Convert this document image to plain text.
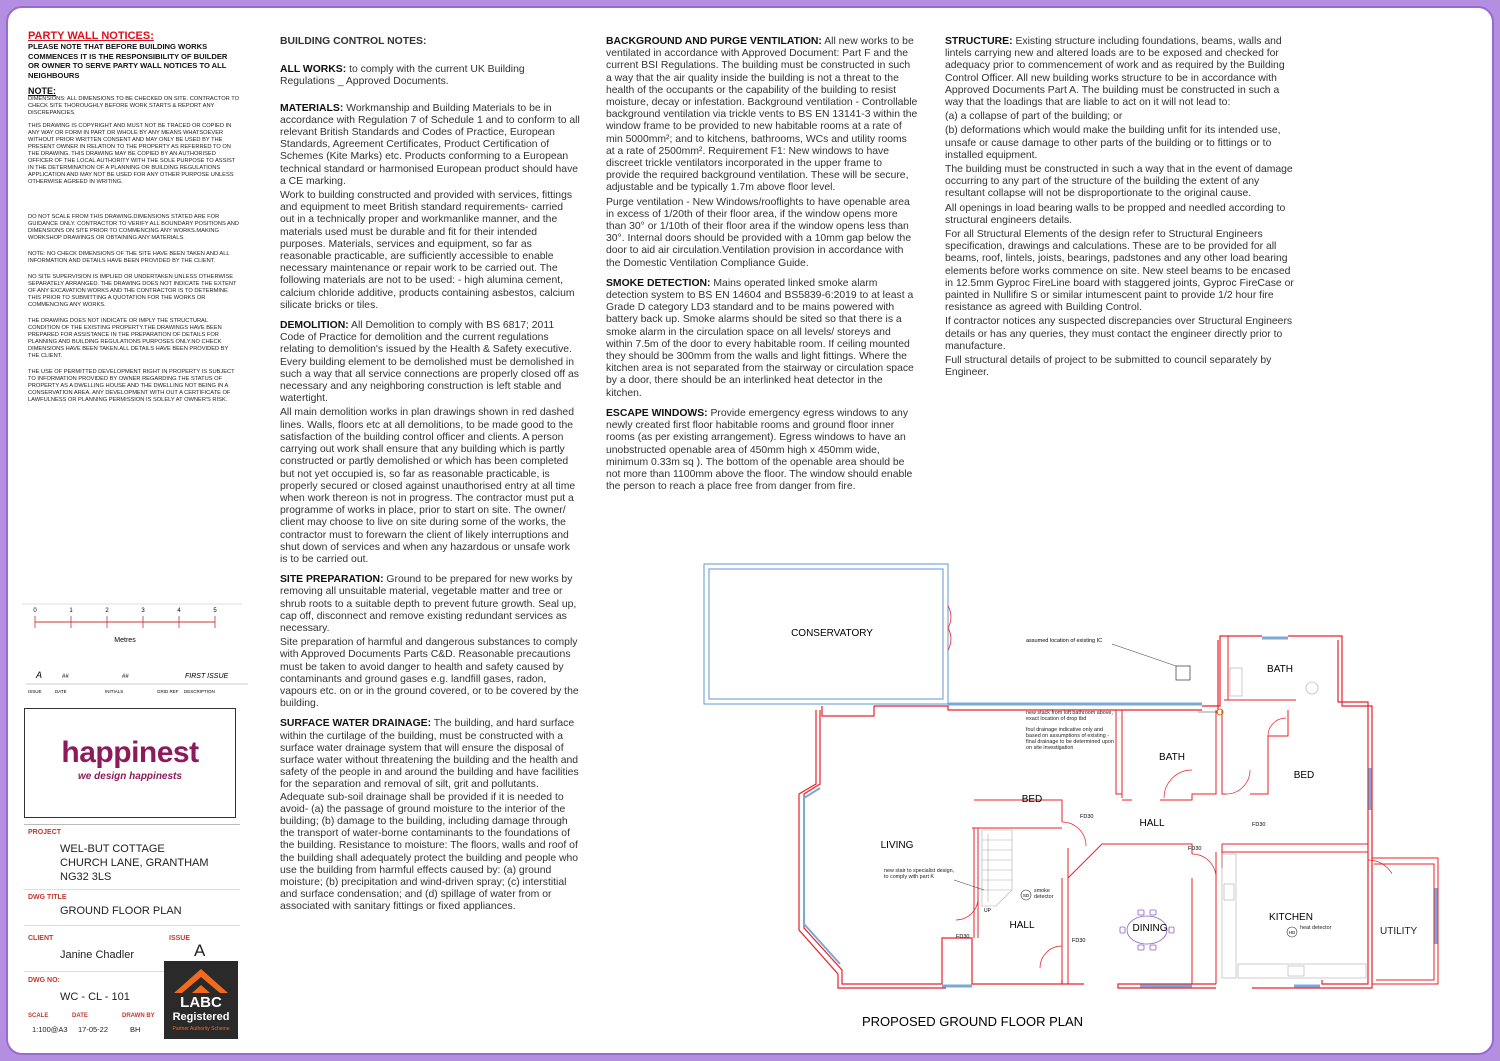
PARTY WALL NOTICES:
PLEASE NOTE THAT BEFORE BUILDING WORKS COMMENCES IT IS THE RESPONSIBILITY OF BUILDER OR OWNER TO SERVE PARTY WALL NOTICES TO ALL NEIGHBOURS
NOTE:

DIMENSIONS: ALL DIMENSIONS TO BE CHECKED ON SITE. CONTRACTOR TO CHECK SITE THOROUGHLY BEFORE WORK STARTS & REPORT ANY DISCREPANCIES.

THIS DRAWING IS COPYRIGHT AND MUST NOT BE TRACED OR COPIED IN ANY WAY OR FORM IN PART OR WHOLE BY ANY MEANS WHATSOEVER WITHOUT PRIOR WRITTEN CONSENT AND MAY ONLY BE USED BY THE PRESENT OWNER IN RELATION TO THE PROPERTY AS REFERRED TO ON THE DRAWING. THIS DRAWING MAY BE COPIED BY AN AUTHORISED OFFICER OF THE LOCAL AUTHORITY WITH THE SOLE PURPOSE TO ASSIST IN THE DETERMINATION OF A PLANNING OR BUILDING REGULATIONS APPLICATION AND MAY NOT BE USED FOR ANY OTHER PURPOSE UNLESS OTHERWISE AGREED IN WRITING.

DO NOT SCALE FROM THIS DRAWING.DIMENSIONS STATED ARE FOR GUIDANCE ONLY. CONTRACTOR TO VERIFY ALL BOUNDARY POSITIONS AND DIMENSIONS ON SITE PRIOR TO COMMENCING ANY WORKS.MAKING WORKSHOP DRAWINGS OR OBTAINING ANY MATERIALS.

NOTE: NO CHECK DIMENSIONS OF THE SITE HAVE BEEN TAKEN AND ALL INFORMATION AND DETAILS HAVE BEEN PROVIDED BY THE CLIENT.

NO SITE SUPERVISION IS IMPLIED OR UNDERTAKEN UNLESS OTHERWISE SEPARATELY ARRANGED. THE DRAWING DOES NOT INDICATE THE EXTENT OF ANY EXCAVATION WORKS AND THE CONTRACTOR IS TO DETERMINE THIS PRIOR TO SUBMITTING A QUOTATION FOR THE WORKS OR COMMENCING ANY WORKS.

THE DRAWING DOES NOT INDICATE OR IMPLY THE STRUCTURAL CONDITION OF THE EXISTING PROPERTY.THE DRAWINGS HAVE BEEN PREPARED FOR ASSISTANCE IN THE PREPARATION OF DETAILS FOR PLANNING AND BUILDING REGULATIONS PURPOSES ONLY.NO CHECK DIMENSIONS HAVE BEEN TAKEN.ALL DETAILS HAVE BEEN PROVIDED BY THE CLIENT.

THE USE OF PERMITTED DEVELOPMENT RIGHT IN PROPERTY IS SUBJECT TO INFORMATION PROVIDED BY OWNER REGARDING THE STATUS OF PROPERTY AS A DWELLING HOUSE AND THE DWELLING NOT BEING IN A CONSERVATION AREA. ANY DEVELOPMENT WITH OUT A CERTIFICATE OF LAWFULNESS OR PLANNING PERMISSION IS SOLELY AT OWNER'S RISK.

0	1	2	3	4	5
Metres
A	##	##	FIRST ISSUE
ISSUE	DATE	INITIALS	GRID REF DESCRIPTION
happinest
we design happinests
PROJECT
WEL-BUT COTTAGE
CHURCH LANE, GRANTHAM
NG32 3LS
DWG TITLE
GROUND FLOOR PLAN
CLIENT
Janine Chadler
ISSUE
A
DWG NO:
WC - CL - 101
SCALE
1:100@A3
DATE
17-05-22
DRAWN BY
BH
LABC
Registered
Partner Authority Scheme

BUILDING CONTROL NOTES:

ALL WORKS: to comply with the current UK Building Regulations _ Approved Documents.

MATERIALS: Workmanship and Building Materials to be in accordance with Regulation 7 of Schedule 1 and to conform to all relevant British Standards and Codes of Practice, European Standards, Agreement Certificates, Product Certification of Schemes (Kite Marks) etc. Products conforming to a European technical standard or harmonised European product should have a CE marking.

Work to building constructed and provided with services, fittings and equipment to meet British standard requirements- carried out in a technically proper and workmanlike manner, and the materials used must be durable and fit for their intended purposes. Materials, services and equipment, so far as reasonable practicable, are sufficiently accessible to enable necessary maintenance or repair work to be carried out. The following materials are not to be used: - high alumina cement, calcium chloride additive, products containing asbestos, calcium silicate bricks or tiles.

DEMOLITION: All Demolition to comply with BS 6817; 2011 Code of Practice for demolition and the current regulations relating to demolition's issued by the Health & Safety executive. Every building element to be demolished must be demolished in such a way that all service connections are properly closed off as necessary and any neighboring construction is left stable and watertight.

All main demolition works in plan drawings shown in red dashed lines. Walls, floors etc at all demolitions, to be made good to the satisfaction of the building control officer and clients. A person carrying out work shall ensure that any building which is partly constructed or partly demolished or which has been completed but not yet occupied is, so far as reasonable practicable, is properly secured or closed against unauthorised entry at all time when work thereon is not in progress. The contractor must put a programme of works in place, prior to start on site. The owner/ client may choose to live on site during some of the works, the contractor must to forewarn the client of likely interruptions and shut down of services and when any hazardous or unsafe work is to be carried out.

SITE PREPARATION: Ground to be prepared for new works by removing all unsuitable material, vegetable matter and tree or shrub roots to a suitable depth to prevent future growth. Seal up, cap off, disconnect and remove existing redundant services as necessary.

Site preparation of harmful and dangerous substances to comply with Approved Documents Parts C&D. Reasonable precautions must be taken to avoid danger to health and safety caused by contaminants and ground gases e.g. landfill gases, radon, vapours etc. on or in the ground covered, or to be covered by the building.

SURFACE WATER DRAINAGE: The building, and hard surface within the curtilage of the building, must be constructed with a surface water drainage system that will ensure the disposal of surface water without threatening the building and the health and safety of the people in and around the building and have facilities for the separation and removal of silt, grit and pollutants. Adequate sub-soil drainage shall be provided if it is needed to avoid- (a) the passage of ground moisture to the interior of the building; (b) damage to the building, including damage through the transport of water-borne contaminants to the foundations of the building. Resistance to moisture: The floors, walls and roof of the building shall adequately protect the building and people who use the building from harmful effects caused by: (a) ground moisture; (b) precipitation and wind-driven spray; (c) interstitial and surface condensation; and (d) spillage of water from or associated with sanitary fittings or fixed appliances.

BACKGROUND AND PURGE VENTILATION: All new works to be ventilated in accordance with Approved Document: Part F and the current BSI Regulations. The building must be constructed in such a way that the air quality inside the building is not a threat to the health of the occupants or the capability of the building to resist moisture, decay or infestation. Background ventilation - Controllable background ventilation via trickle vents to BS EN 13141-3 within the window frame to be provided to new habitable rooms at a rate of min 5000mm²; and to kitchens, bathrooms, WCs and utility rooms at a rate of 2500mm². Requirement F1: New windows to have discreet trickle ventilators incorporated in the upper frame to provide the required background ventilation. These will be secure, adjustable and be typically 1.7m above floor level.

Purge ventilation - New Windows/rooflights to have openable area in excess of 1/20th of their floor area, if the window opens more than 30° or 1/10th of their floor area if the window opens less than 30°. Internal doors should be provided with a 10mm gap below the door to aid air circulation.Ventilation provision in accordance with the Domestic Ventilation Compliance Guide.

SMOKE DETECTION: Mains operated linked smoke alarm detection system to BS EN 14604 and BS5839-6:2019 to at least a Grade D category LD3 standard and to be mains powered with battery back up. Smoke alarms should be sited so that there is a smoke alarm in the circulation space on all levels/ storeys and within 7.5m of the door to every habitable room. If ceiling mounted they should be 300mm from the walls and light fittings. Where the kitchen area is not separated from the stairway or circulation space by a door, there should be an interlinked heat detector in the kitchen.

ESCAPE WINDOWS: Provide emergency egress windows to any newly created first floor habitable rooms and ground floor inner rooms (as per existing arrangement). Egress windows to have an unobstructed openable area of 450mm high x 450mm wide, minimum 0.33m sq ). The bottom of the openable area should be not more than 1100mm above the floor. The window should enable the person to reach a place free from danger from fire.

STRUCTURE: Existing structure including foundations, beams, walls and lintels carrying new and altered loads are to be exposed and checked for adequacy prior to commencement of work and as required by the Building Control Officer. All new building works structure to be in accordance with Approved Documents Part A. The building must be constructed in such a way that the loadings that are liable to act on it will not lead to:

(a) a collapse of part of the building; or

(b) deformations which would make the building unfit for its intended use, unsafe or cause damage to other parts of the building or to fittings or to installed equipment.

The building must be constructed in such a way that in the event of damage occurring to any part of the structure of the building the extent of any resultant collapse will not be disproportionate to the original cause.

All openings in load bearing walls to be propped and needled according to structural engineers details.

For all Structural Elements of the design refer to Structural Engineers specification, drawings and calculations. These are to be provided for all beams, roof, lintels, joists, bearings, padstones and any other load bearing elements before works commence on site. New steel beams to be encased in 12.5mm Gyproc FireLine board with staggered joints, Gyproc FireCase or painted in Nullifire S or similar intumescent paint to provide 1/2 hour fire resistance as agreed with Building Control.

If contractor notices any suspected discrepancies over Structural Engineers details or has any queries, they must contact the engineer directly prior to manufacture.

Full structural details of project to be submitted to council separately by Engineer.

UP
CONSERVATORY
BATH
BATH
BED
BED
HALL
LIVING
HALL	DINING
KITCHEN
FD30
FD30
FD30
FD30
FD30
assumed location of existing IC
new stack from loft bathroom above, exact location of drop tbd
foul drainage indicative only and based on assumptions of existing - final drainage to be determined upon on site investigation
new stair to specialist design, to comply with part K
SD
smoke detector
HD
heat detector
PROPOSED GROUND FLOOR PLAN
UTILITY
